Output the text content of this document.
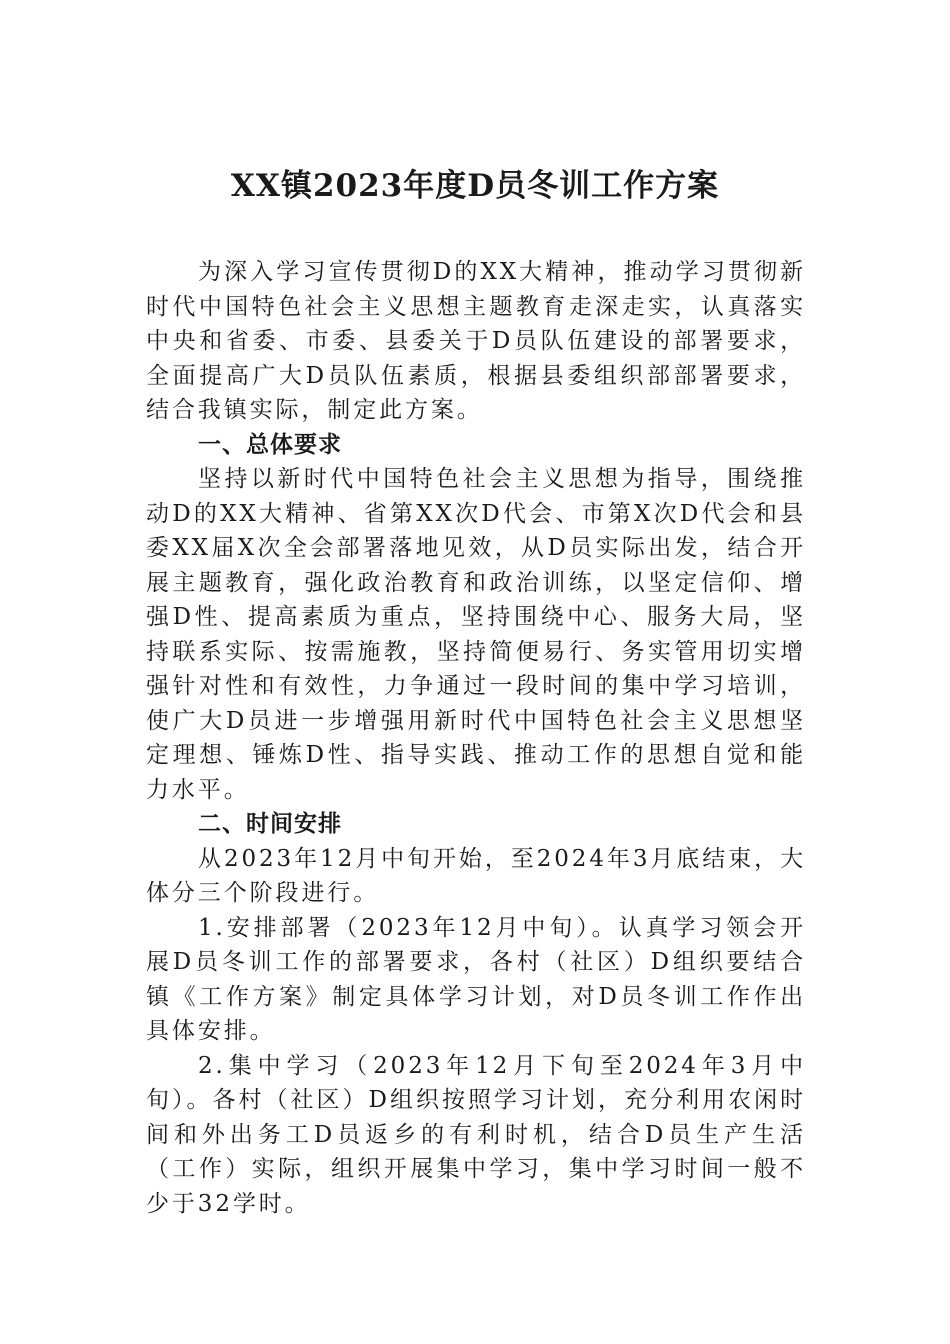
XX镇2023年度D员冬训工作方案

为深入学习宣传贯彻D的XX大精神，推动学习贯彻新时代中国特色社会主义思想主题教育走深走实，认真落实中央和省委、市委、县委关于D员队伍建设的部署要求，全面提高广大D员队伍素质，根据县委组织部部署要求，结合我镇实际，制定此方案。

一、总体要求

坚持以新时代中国特色社会主义思想为指导，围绕推动D的XX大精神、省第XX次D代会、市第X次D代会和县委XX届X次全会部署落地见效，从D员实际出发，结合开展主题教育，强化政治教育和政治训练，以坚定信仰、增强D性、提高素质为重点，坚持围绕中心、服务大局，坚持联系实际、按需施教，坚持简便易行、务实管用切实增强针对性和有效性，力争通过一段时间的集中学习培训，使广大D员进一步增强用新时代中国特色社会主义思想坚定理想、锤炼D性、指导实践、推动工作的思想自觉和能力水平。

二、时间安排

从2023年12月中旬开始，至2024年3月底结束，大体分三个阶段进行。

1.安排部署（2023年12月中旬）。认真学习领会开展D员冬训工作的部署要求，各村（社区）D组织要结合镇《工作方案》制定具体学习计划，对D员冬训工作作出具体安排。

2.集中学习（2023年12月下旬至2024年3月中旬）。各村（社区）D组织按照学习计划，充分利用农闲时间和外出务工D员返乡的有利时机，结合D员生产生活（工作）实际，组织开展集中学习，集中学习时间一般不少于32学时。
